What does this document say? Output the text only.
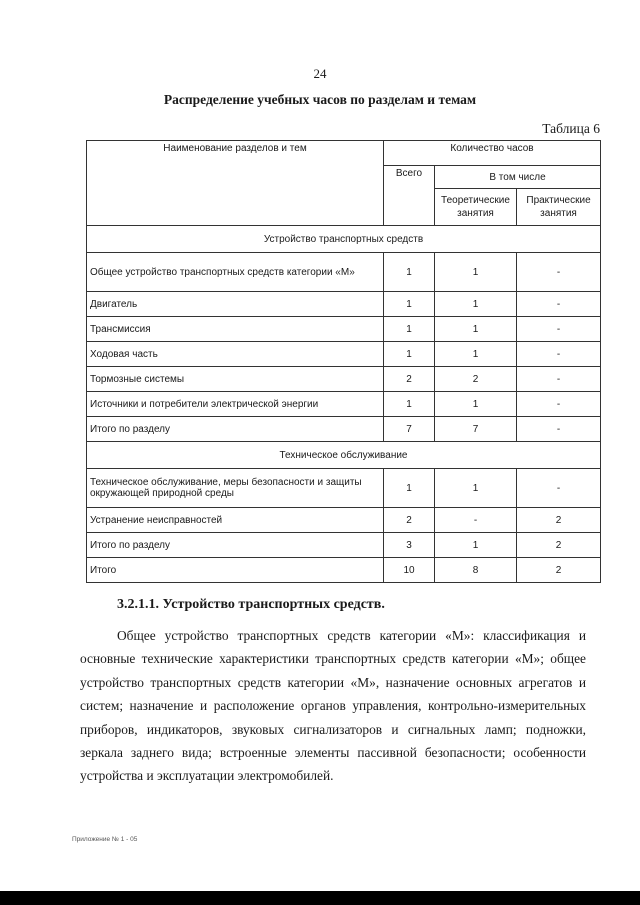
24
Распределение учебных часов по разделам и темам
Таблица 6
Наименование разделов и тем	Количество часов		
	Всего	В том числе	
		Теоретические занятия	Практические занятия
Устройство транспортных средств			
Общее устройство транспортных средств категории «М»	1	1	-
Двигатель	1	1	-
Трансмиссия	1	1	-
Ходовая часть	1	1	-
Тормозные системы	2	2	-
Источники и потребители электрической энергии	1	1	-
Итого по разделу	7	7	-
Техническое обслуживание			
Техническое обслуживание, меры безопасности и защиты окружающей природной среды	1	1	-
Устранение неисправностей	2	-	2
Итого по разделу	3	1	2
Итого	10	8	2
3.2.1.1. Устройство транспортных средств.
Общее устройство транспортных средств категории «М»: классификация и основные технические характеристики транспортных средств категории «М»; общее устройство транспортных средств категории «М», назначение основных агрегатов и систем; назначение и расположение органов управления, контрольно-измерительных приборов, индикаторов, звуковых сигнализаторов и сигнальных ламп; подножки, зеркала заднего вида; встроенные элементы пассивной безопасности; особенности устройства и эксплуатации электромобилей.
Приложение № 1 - 05
